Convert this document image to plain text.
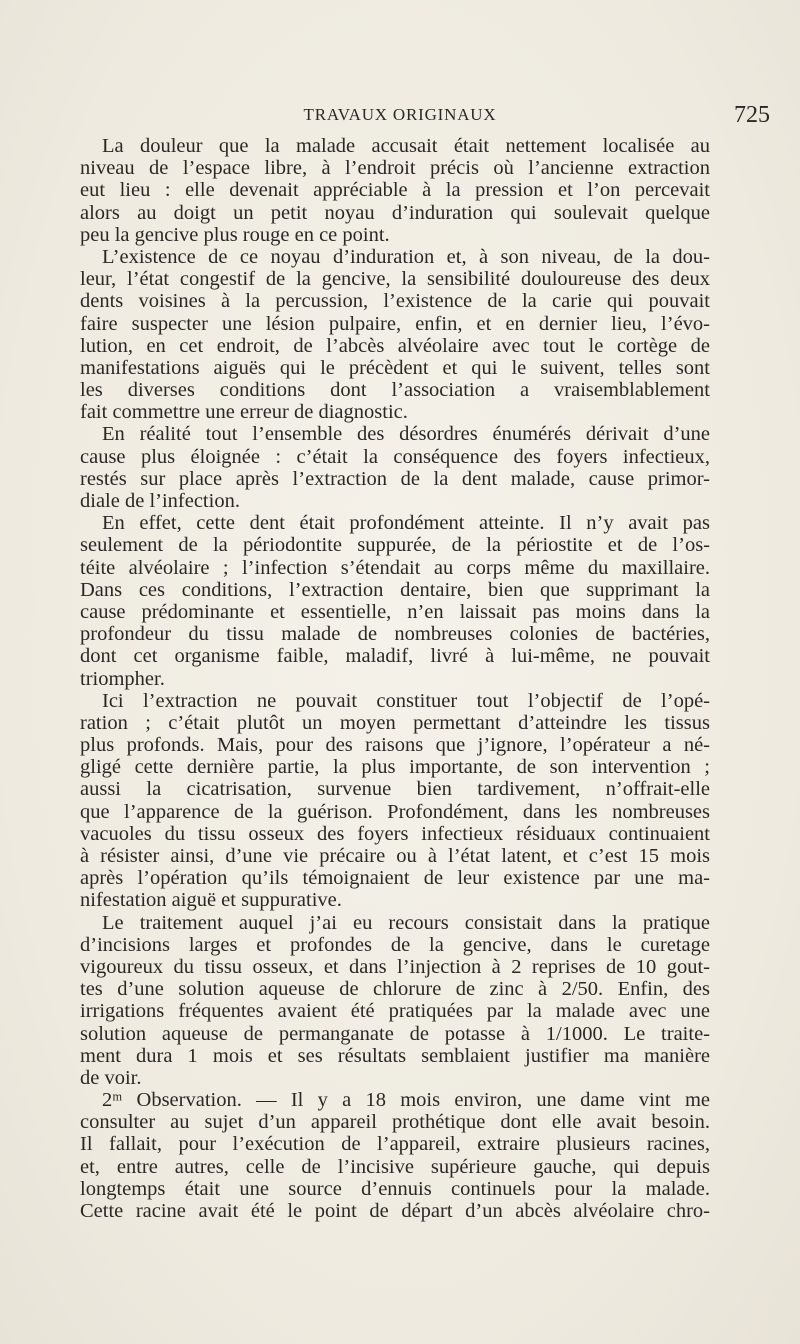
TRAVAUX ORIGINAUX	725
La douleur que la malade accusait était nettement localisée au
niveau de l’espace libre, à l’endroit précis où l’ancienne extraction
eut lieu : elle devenait appréciable à la pression et l’on percevait
alors au doigt un petit noyau d’induration qui soulevait quelque
peu la gencive plus rouge en ce point.
L’existence de ce noyau d’induration et, à son niveau, de la dou-
leur, l’état congestif de la gencive, la sensibilité douloureuse des deux
dents voisines à la percussion, l’existence de la carie qui pouvait
faire suspecter une lésion pulpaire, enfin, et en dernier lieu, l’évo-
lution, en cet endroit, de l’abcès alvéolaire avec tout le cortège de
manifestations aiguës qui le précèdent et qui le suivent, telles sont
les diverses conditions dont l’association a vraisemblablement
fait commettre une erreur de diagnostic.
En réalité tout l’ensemble des désordres énumérés dérivait d’une
cause plus éloignée : c’était la conséquence des foyers infectieux,
restés sur place après l’extraction de la dent malade, cause primor-
diale de l’infection.
En effet, cette dent était profondément atteinte. Il n’y avait pas
seulement de la périodontite suppurée, de la périostite et de l’os-
téite alvéolaire ; l’infection s’étendait au corps même du maxillaire.
Dans ces conditions, l’extraction dentaire, bien que supprimant la
cause prédominante et essentielle, n’en laissait pas moins dans la
profondeur du tissu malade de nombreuses colonies de bactéries,
dont cet organisme faible, maladif, livré à lui-même, ne pouvait
triompher.
Ici l’extraction ne pouvait constituer tout l’objectif de l’opé-
ration ; c’était plutôt un moyen permettant d’atteindre les tissus
plus profonds. Mais, pour des raisons que j’ignore, l’opérateur a né-
gligé cette dernière partie, la plus importante, de son intervention ;
aussi la cicatrisation, survenue bien tardivement, n’offrait-elle
que l’apparence de la guérison. Profondément, dans les nombreuses
vacuoles du tissu osseux des foyers infectieux résiduaux continuaient
à résister ainsi, d’une vie précaire ou à l’état latent, et c’est 15 mois
après l’opération qu’ils témoignaient de leur existence par une ma-
nifestation aiguë et suppurative.
Le traitement auquel j’ai eu recours consistait dans la pratique
d’incisions larges et profondes de la gencive, dans le curetage
vigoureux du tissu osseux, et dans l’injection à 2 reprises de 10 gout-
tes d’une solution aqueuse de chlorure de zinc à 2/50. Enfin, des
irrigations fréquentes avaient été pratiquées par la malade avec une
solution aqueuse de permanganate de potasse à 1/1000. Le traite-
ment dura 1 mois et ses résultats semblaient justifier ma manière
de voir.
2ᵐ Observation. — Il y a 18 mois environ, une dame vint me
consulter au sujet d’un appareil prothétique dont elle avait besoin.
Il fallait, pour l’exécution de l’appareil, extraire plusieurs racines,
et, entre autres, celle de l’incisive supérieure gauche, qui depuis
longtemps était une source d’ennuis continuels pour la malade.
Cette racine avait été le point de départ d’un abcès alvéolaire chro-
